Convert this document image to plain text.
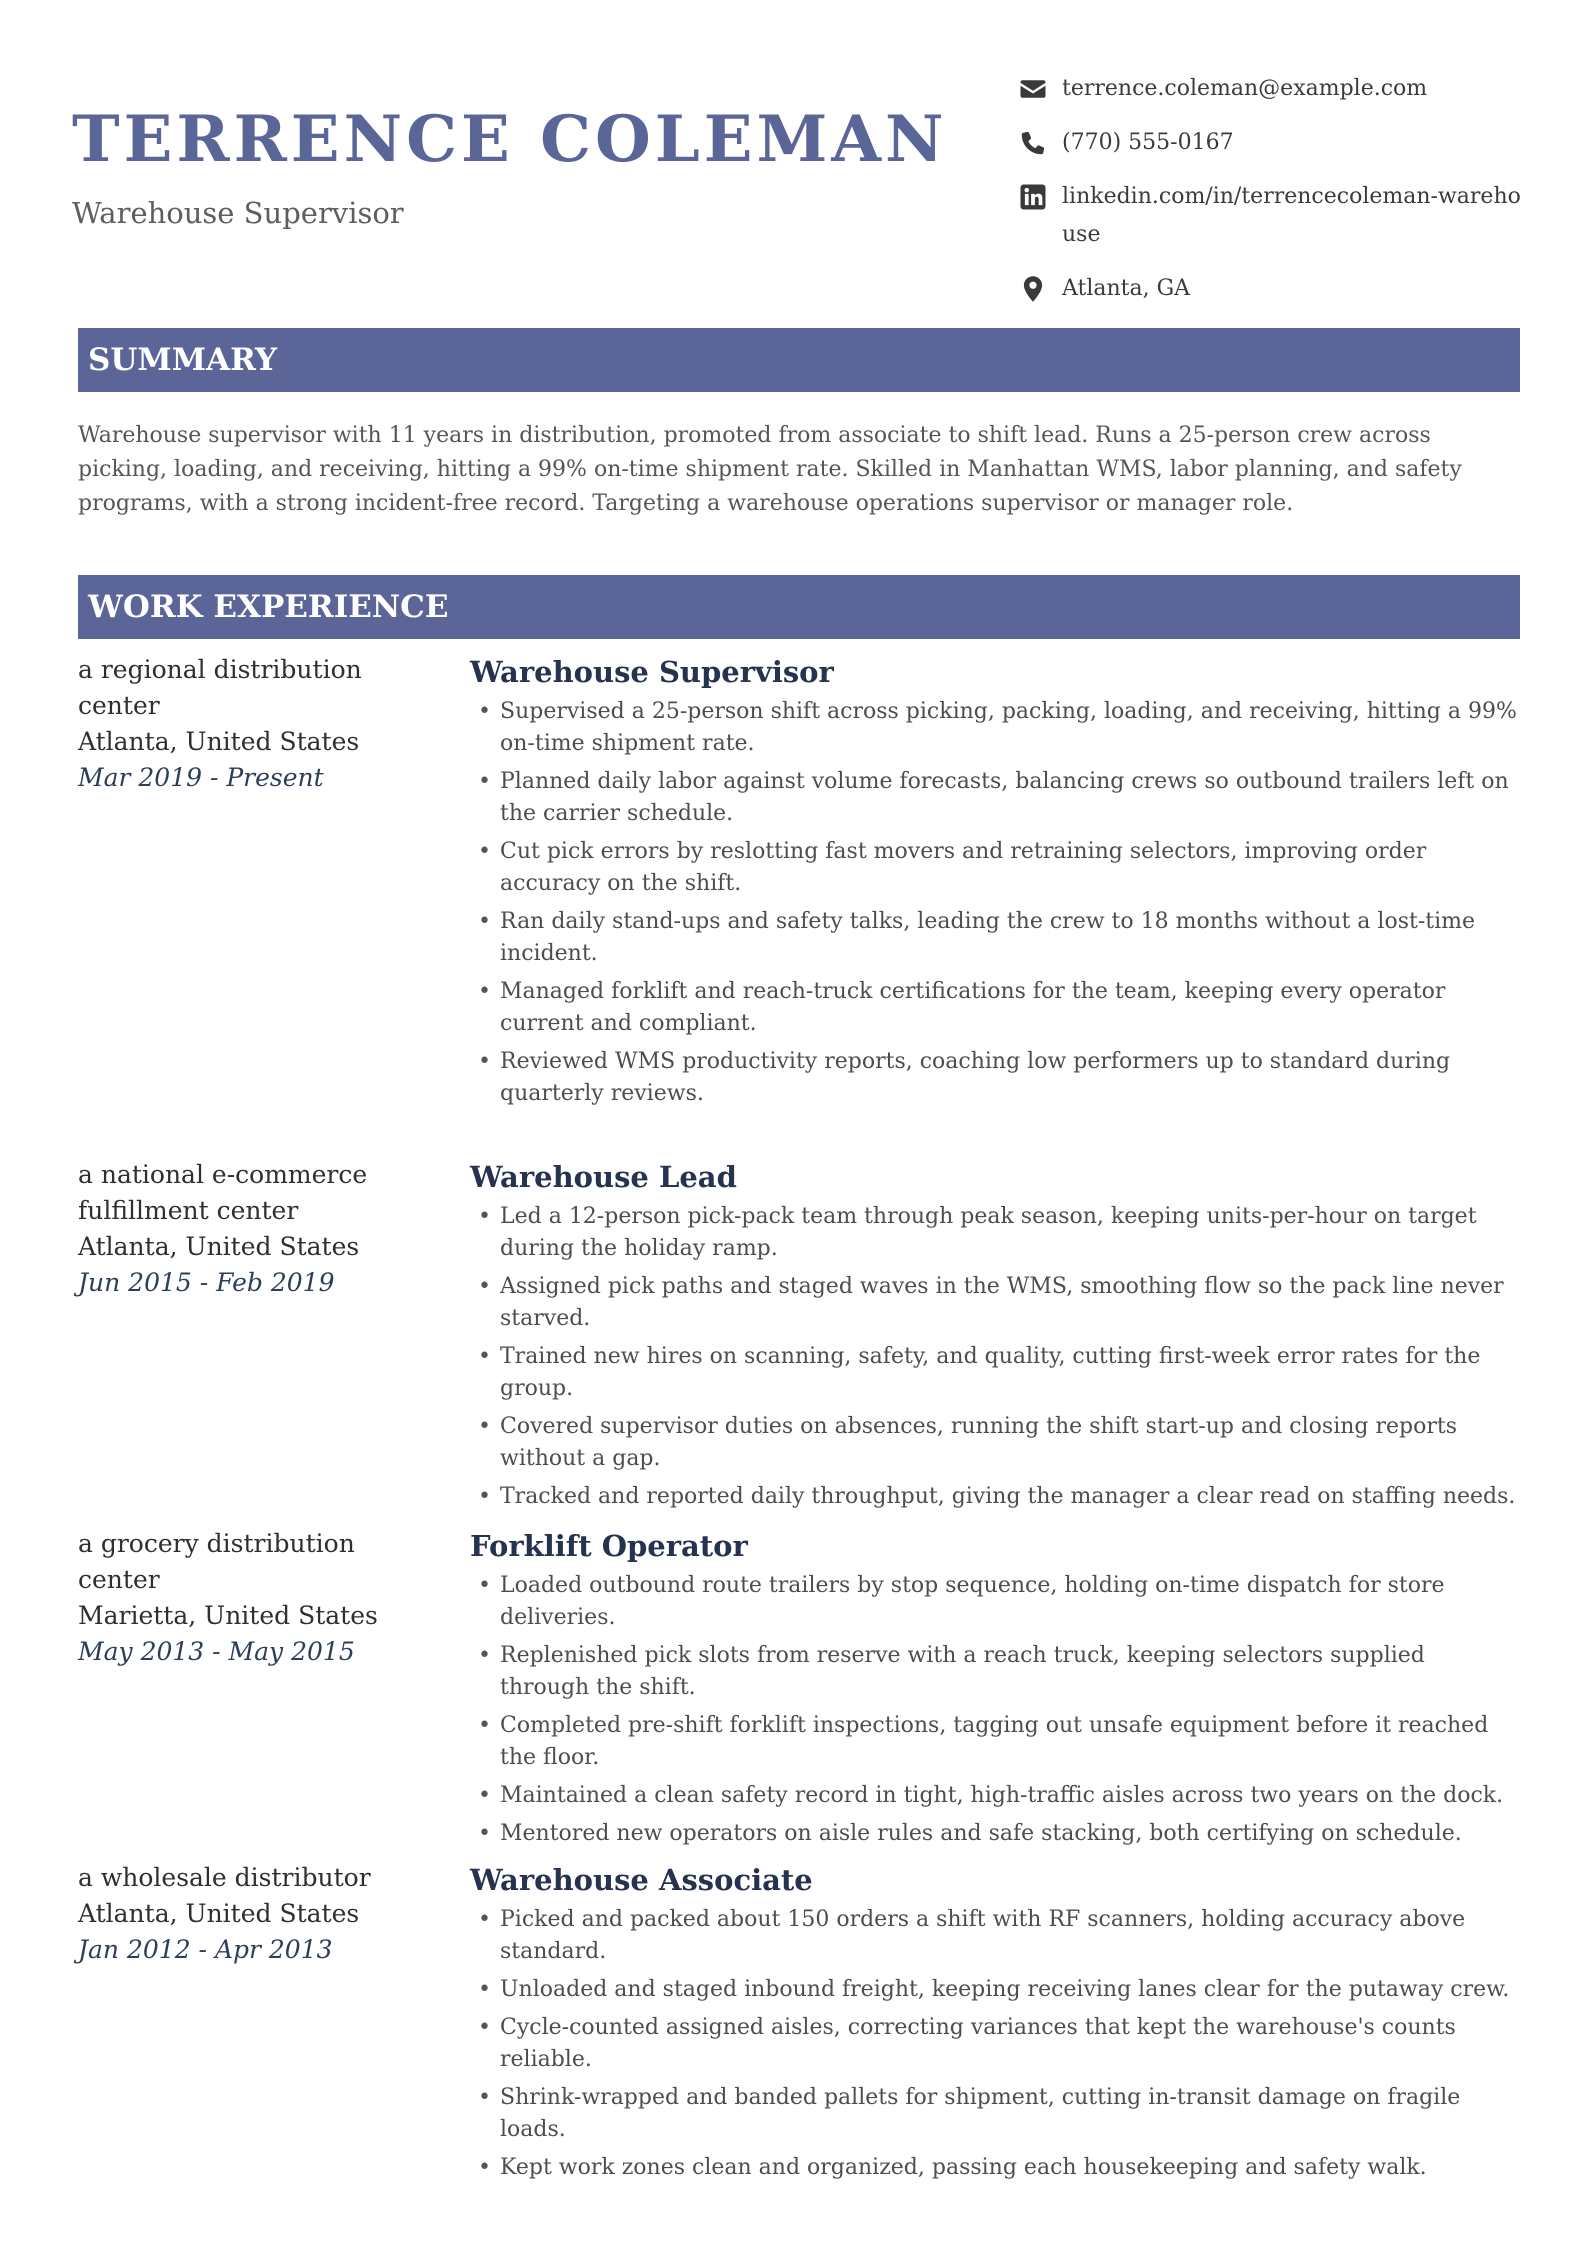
TERRENCE COLEMAN
Warehouse Supervisor
terrence.coleman@example.com
(770) 555-0167
linkedin.com/in/terrencecoleman-warehouse
Atlanta, GA
SUMMARY
Warehouse supervisor with 11 years in distribution, promoted from associate to shift lead. Runs a 25-person crew across picking, loading, and receiving, hitting a 99% on-time shipment rate. Skilled in Manhattan WMS, labor planning, and safety programs, with a strong incident-free record. Targeting a warehouse operations supervisor or manager role.
WORK EXPERIENCE
a regional distribution center
Atlanta, United States
Mar 2019 - Present
Warehouse Supervisor
• Supervised a 25-person shift across picking, packing, loading, and receiving, hitting a 99% on-time shipment rate.
• Planned daily labor against volume forecasts, balancing crews so outbound trailers left on the carrier schedule.
• Cut pick errors by reslotting fast movers and retraining selectors, improving order accuracy on the shift.
• Ran daily stand-ups and safety talks, leading the crew to 18 months without a lost-time incident.
• Managed forklift and reach-truck certifications for the team, keeping every operator current and compliant.
• Reviewed WMS productivity reports, coaching low performers up to standard during quarterly reviews.
a national e-commerce fulfillment center
Atlanta, United States
Jun 2015 - Feb 2019
Warehouse Lead
• Led a 12-person pick-pack team through peak season, keeping units-per-hour on target during the holiday ramp.
• Assigned pick paths and staged waves in the WMS, smoothing flow so the pack line never starved.
• Trained new hires on scanning, safety, and quality, cutting first-week error rates for the group.
• Covered supervisor duties on absences, running the shift start-up and closing reports without a gap.
• Tracked and reported daily throughput, giving the manager a clear read on staffing needs.
a grocery distribution center
Marietta, United States
May 2013 - May 2015
Forklift Operator
• Loaded outbound route trailers by stop sequence, holding on-time dispatch for store deliveries.
• Replenished pick slots from reserve with a reach truck, keeping selectors supplied through the shift.
• Completed pre-shift forklift inspections, tagging out unsafe equipment before it reached the floor.
• Maintained a clean safety record in tight, high-traffic aisles across two years on the dock.
• Mentored new operators on aisle rules and safe stacking, both certifying on schedule.
a wholesale distributor
Atlanta, United States
Jan 2012 - Apr 2013
Warehouse Associate
• Picked and packed about 150 orders a shift with RF scanners, holding accuracy above standard.
• Unloaded and staged inbound freight, keeping receiving lanes clear for the putaway crew.
• Cycle-counted assigned aisles, correcting variances that kept the warehouse's counts reliable.
• Shrink-wrapped and banded pallets for shipment, cutting in-transit damage on fragile loads.
• Kept work zones clean and organized, passing each housekeeping and safety walk.
